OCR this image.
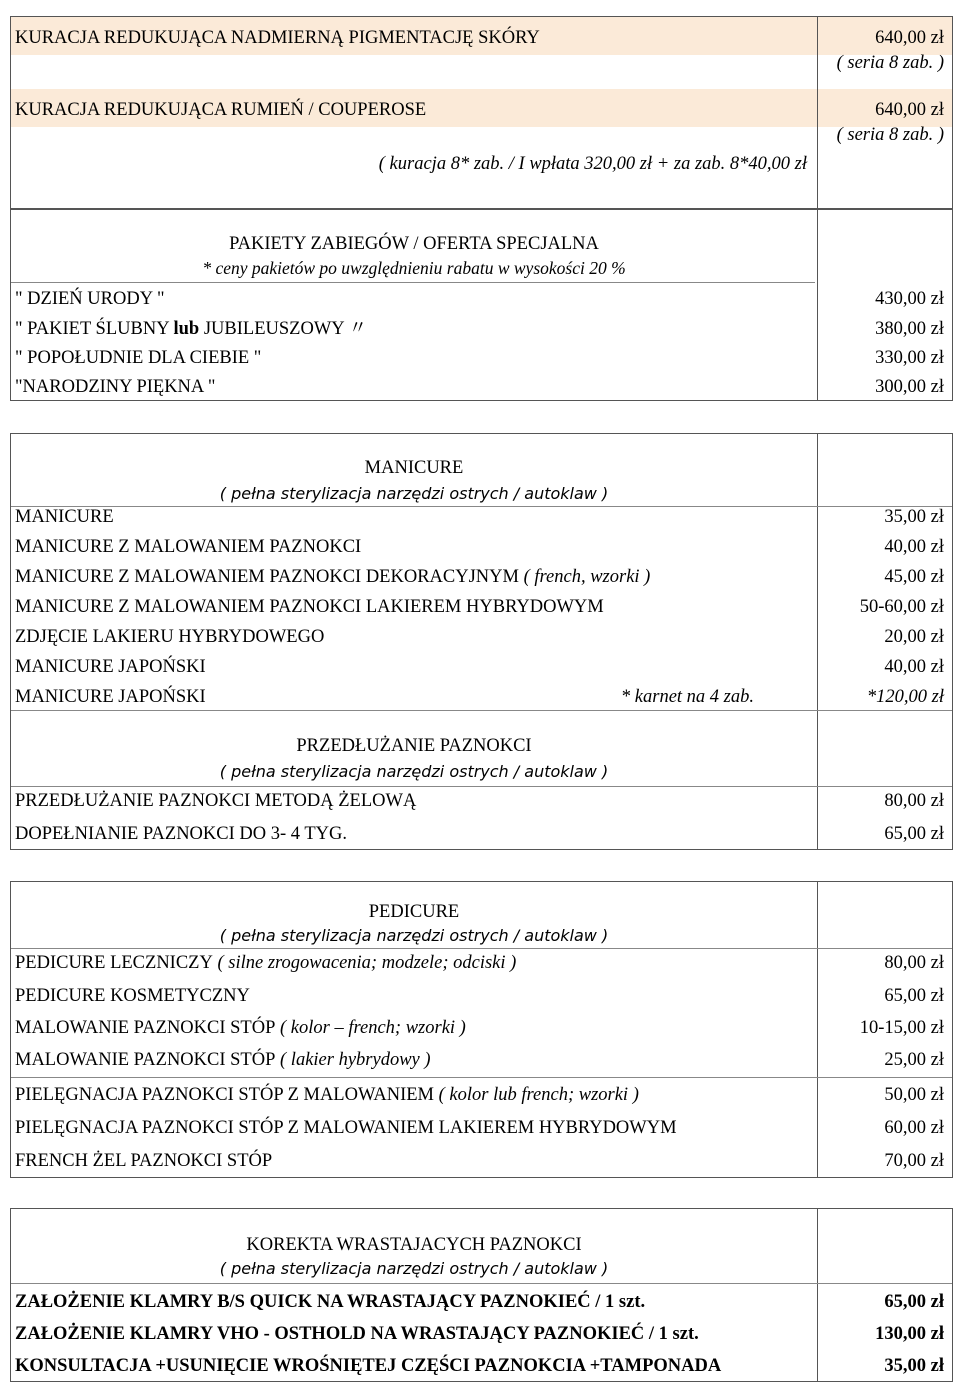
KURACJA REDUKUJĄCA NADMIERNĄ PIGMENTACJĘ SKÓRY	640,00 zł
( seria 8 zab. )
KURACJA REDUKUJĄCA RUMIEŃ / COUPEROSE	640,00 zł
( seria 8 zab. )
( kuracja 8* zab. / I wpłata 320,00 zł + za zab. 8*40,00 zł
PAKIETY ZABIEGÓW / OFERTA SPECJALNA
* ceny pakietów po uwzględnieniu rabatu w wysokości 20 %
" DZIEŃ URODY "	430,00 zł
" PAKIET ŚLUBNY lub JUBILEUSZOWY 〃	380,00 zł
" POPOŁUDNIE DLA CIEBIE "	330,00 zł
"NARODZINY PIĘKNA "	300,00 zł
MANICURE
( pełna sterylizacja narzędzi ostrych / autoklaw )
MANICURE	35,00 zł
MANICURE Z MALOWANIEM PAZNOKCI	40,00 zł
MANICURE Z MALOWANIEM PAZNOKCI DEKORACYJNYM ( french, wzorki )	45,00 zł
MANICURE Z MALOWANIEM PAZNOKCI LAKIEREM HYBRYDOWYM	50-60,00 zł
ZDJĘCIE LAKIERU HYBRYDOWEGO	20,00 zł
MANICURE JAPOŃSKI	40,00 zł
MANICURE JAPOŃSKI	* karnet na 4 zab.	*120,00 zł
PRZEDŁUŻANIE PAZNOKCI
( pełna sterylizacja narzędzi ostrych / autoklaw )
PRZEDŁUŻANIE PAZNOKCI METODĄ ŻELOWĄ	80,00 zł
DOPEŁNIANIE PAZNOKCI DO 3- 4 TYG.	65,00 zł
PEDICURE
( pełna sterylizacja narzędzi ostrych / autoklaw )
PEDICURE LECZNICZY ( silne zrogowacenia; modzele; odciski )	80,00 zł
PEDICURE KOSMETYCZNY	65,00 zł
MALOWANIE PAZNOKCI STÓP ( kolor – french; wzorki )	10-15,00 zł
MALOWANIE PAZNOKCI STÓP ( lakier hybrydowy )	25,00 zł
PIELĘGNACJA PAZNOKCI STÓP Z MALOWANIEM ( kolor lub french; wzorki )	50,00 zł
PIELĘGNACJA PAZNOKCI STÓP Z MALOWANIEM LAKIEREM HYBRYDOWYM	60,00 zł
FRENCH ŻEL PAZNOKCI STÓP	70,00 zł
KOREKTA WRASTAJACYCH PAZNOKCI
( pełna sterylizacja narzędzi ostrych / autoklaw )
ZAŁOŻENIE KLAMRY B/S QUICK NA WRASTAJĄCY PAZNOKIEĆ / 1 szt.	65,00 zł
ZAŁOŻENIE KLAMRY VHO - OSTHOLD NA WRASTAJĄCY PAZNOKIEĆ / 1 szt.	130,00 zł
KONSULTACJA +USUNIĘCIE WROŚNIĘTEJ CZĘŚCI PAZNOKCIA +TAMPONADA	35,00 zł
